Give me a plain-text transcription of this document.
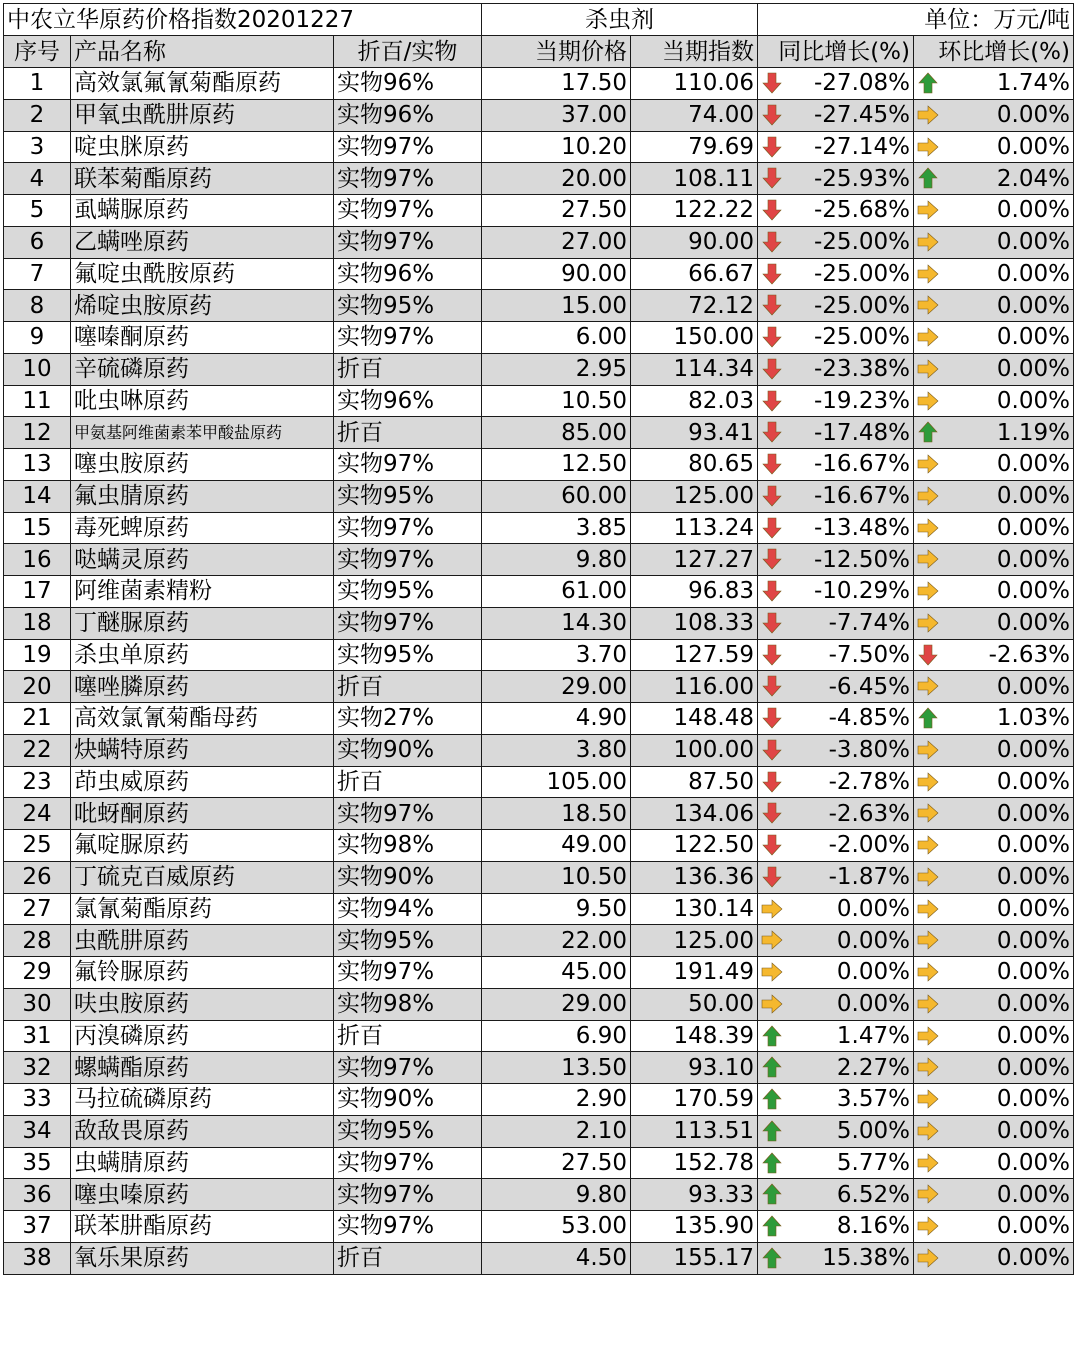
中农立华原药价格指数20201227			杀虫剂		单位：万元/吨	
序号	产品名称	折百/实物	当期价格	当期指数	同比增长(%)	环比增长(%)
1	高效氯氟氰菊酯原药	实物96%	17.50	110.06	-27.08%	1.74%
2	甲氧虫酰肼原药	实物96%	37.00	74.00	-27.45%	0.00%
3	啶虫脒原药	实物97%	10.20	79.69	-27.14%	0.00%
4	联苯菊酯原药	实物97%	20.00	108.11	-25.93%	2.04%
5	虱螨脲原药	实物97%	27.50	122.22	-25.68%	0.00%
6	乙螨唑原药	实物97%	27.00	90.00	-25.00%	0.00%
7	氟啶虫酰胺原药	实物96%	90.00	66.67	-25.00%	0.00%
8	烯啶虫胺原药	实物95%	15.00	72.12	-25.00%	0.00%
9	噻嗪酮原药	实物97%	6.00	150.00	-25.00%	0.00%
10	辛硫磷原药	折百	2.95	114.34	-23.38%	0.00%
11	吡虫啉原药	实物96%	10.50	82.03	-19.23%	0.00%
12	甲氨基阿维菌素苯甲酸盐原药	折百	85.00	93.41	-17.48%	1.19%
13	噻虫胺原药	实物97%	12.50	80.65	-16.67%	0.00%
14	氟虫腈原药	实物95%	60.00	125.00	-16.67%	0.00%
15	毒死蜱原药	实物97%	3.85	113.24	-13.48%	0.00%
16	哒螨灵原药	实物97%	9.80	127.27	-12.50%	0.00%
17	阿维菌素精粉	实物95%	61.00	96.83	-10.29%	0.00%
18	丁醚脲原药	实物97%	14.30	108.33	-7.74%	0.00%
19	杀虫单原药	实物95%	3.70	127.59	-7.50%	-2.63%
20	噻唑膦原药	折百	29.00	116.00	-6.45%	0.00%
21	高效氯氰菊酯母药	实物27%	4.90	148.48	-4.85%	1.03%
22	炔螨特原药	实物90%	3.80	100.00	-3.80%	0.00%
23	茚虫威原药	折百	105.00	87.50	-2.78%	0.00%
24	吡蚜酮原药	实物97%	18.50	134.06	-2.63%	0.00%
25	氟啶脲原药	实物98%	49.00	122.50	-2.00%	0.00%
26	丁硫克百威原药	实物90%	10.50	136.36	-1.87%	0.00%
27	氯氰菊酯原药	实物94%	9.50	130.14	0.00%	0.00%
28	虫酰肼原药	实物95%	22.00	125.00	0.00%	0.00%
29	氟铃脲原药	实物97%	45.00	191.49	0.00%	0.00%
30	呋虫胺原药	实物98%	29.00	50.00	0.00%	0.00%
31	丙溴磷原药	折百	6.90	148.39	1.47%	0.00%
32	螺螨酯原药	实物97%	13.50	93.10	2.27%	0.00%
33	马拉硫磷原药	实物90%	2.90	170.59	3.57%	0.00%
34	敌敌畏原药	实物95%	2.10	113.51	5.00%	0.00%
35	虫螨腈原药	实物97%	27.50	152.78	5.77%	0.00%
36	噻虫嗪原药	实物97%	9.80	93.33	6.52%	0.00%
37	联苯肼酯原药	实物97%	53.00	135.90	8.16%	0.00%
38	氧乐果原药	折百	4.50	155.17	15.38%	0.00%
